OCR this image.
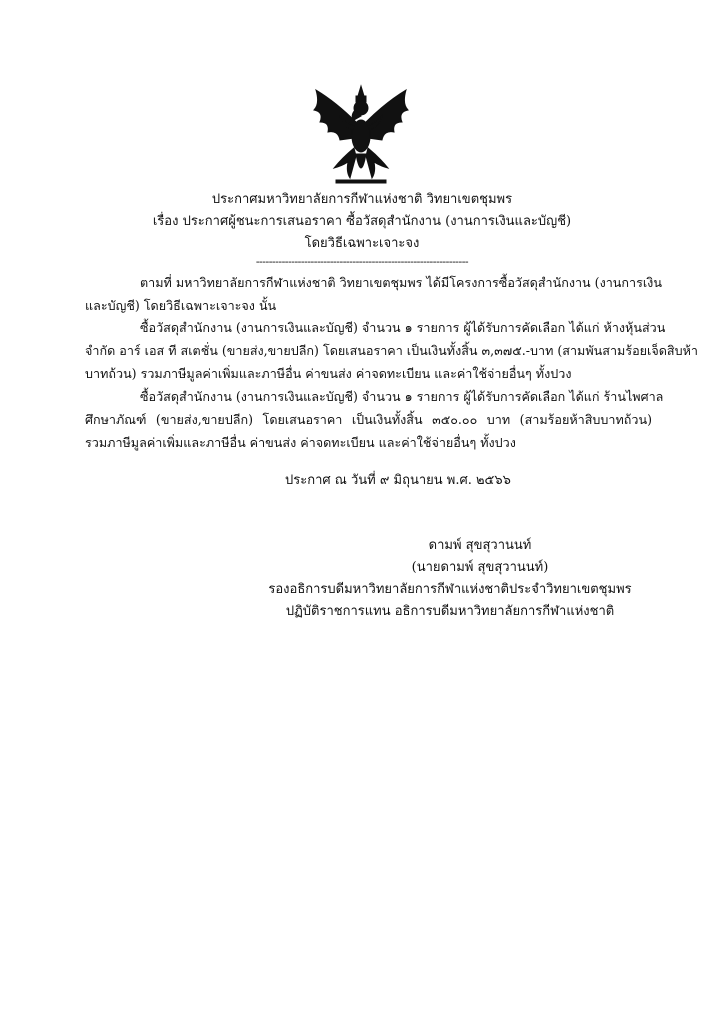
ประกาศมหาวิทยาลัยการกีฬาแห่งชาติ วิทยาเขตชุมพร
เรื่อง ประกาศผู้ชนะการเสนอราคา ซื้อวัสดุสำนักงาน (งานการเงินและบัญชี)
โดยวิธีเฉพาะเจาะจง
------------------------------------------------------------------
ตามที่ มหาวิทยาลัยการกีฬาแห่งชาติ วิทยาเขตชุมพร ได้มีโครงการซื้อวัสดุสำนักงาน (งานการเงิน
และบัญชี) โดยวิธีเฉพาะเจาะจง นั้น
ซื้อวัสดุสำนักงาน (งานการเงินและบัญชี) จำนวน ๑ รายการ ผู้ได้รับการคัดเลือก ได้แก่ ห้างหุ้นส่วน
จำกัด อาร์ เอส ที สเตชั่น (ขายส่ง,ขายปลีก) โดยเสนอราคา เป็นเงินทั้งสิ้น ๓,๓๗๕.-บาท (สามพันสามร้อยเจ็ดสิบห้า
บาทถ้วน) รวมภาษีมูลค่าเพิ่มและภาษีอื่น ค่าขนส่ง ค่าจดทะเบียน และค่าใช้จ่ายอื่นๆ ทั้งปวง
ซื้อวัสดุสำนักงาน (งานการเงินและบัญชี) จำนวน ๑ รายการ ผู้ได้รับการคัดเลือก ได้แก่ ร้านไพศาล
ศึกษาภัณฑ์ (ขายส่ง,ขายปลีก) โดยเสนอราคา เป็นเงินทั้งสิ้น ๓๕๐.๐๐ บาท (สามร้อยห้าสิบบาทถ้วน)
รวมภาษีมูลค่าเพิ่มและภาษีอื่น ค่าขนส่ง ค่าจดทะเบียน และค่าใช้จ่ายอื่นๆ ทั้งปวง
ประกาศ ณ วันที่ ๙ มิถุนายน พ.ศ. ๒๕๖๖
ดามพ์ สุขสุวานนท์
(นายดามพ์ สุขสุวานนท์)
รองอธิการบดีมหาวิทยาลัยการกีฬาแห่งชาติประจำวิทยาเขตชุมพร
ปฏิบัติราชการแทน อธิการบดีมหาวิทยาลัยการกีฬาแห่งชาติ
